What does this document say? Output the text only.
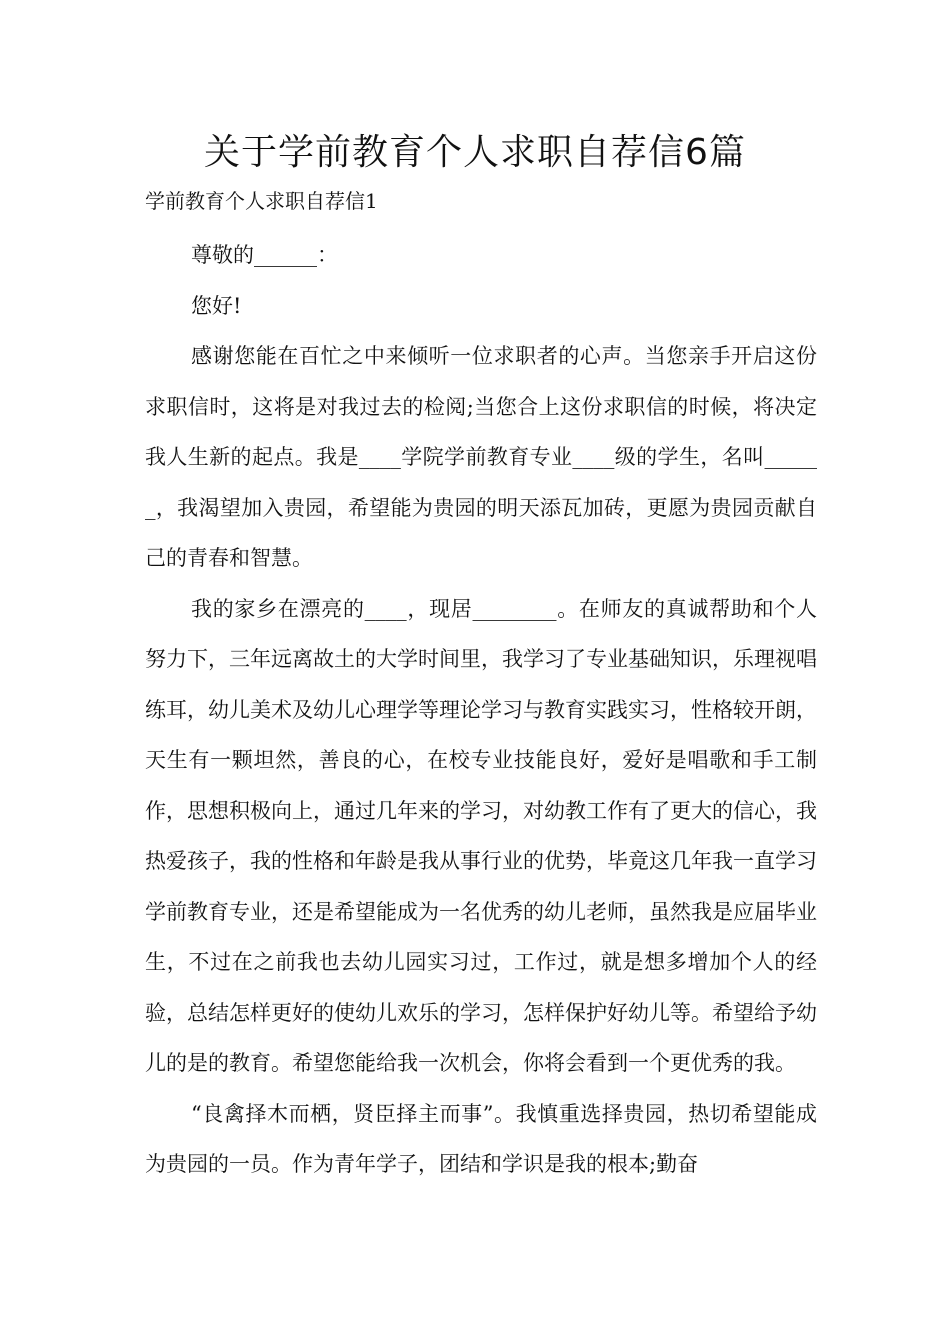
关于学前教育个人求职自荐信6篇

学前教育个人求职自荐信1

尊敬的______：

您好!

感谢您能在百忙之中来倾听一位求职者的心声。当您亲手开启这份求职信时，这将是对我过去的检阅;当您合上这份求职信的时候，将决定我人生新的起点。我是____学院学前教育专业____级的学生，名叫______，我渴望加入贵园，希望能为贵园的明天添瓦加砖，更愿为贵园贡献自己的青春和智慧。

我的家乡在漂亮的____，现居________。在师友的真诚帮助和个人努力下，三年远离故土的大学时间里，我学习了专业基础知识，乐理视唱练耳，幼儿美术及幼儿心理学等理论学习与教育实践实习，性格较开朗，天生有一颗坦然，善良的心，在校专业技能良好，爱好是唱歌和手工制作，思想积极向上，通过几年来的学习，对幼教工作有了更大的信心，我热爱孩子，我的性格和年龄是我从事行业的优势，毕竟这几年我一直学习学前教育专业，还是希望能成为一名优秀的幼儿老师，虽然我是应届毕业生，不过在之前我也去幼儿园实习过，工作过，就是想多增加个人的经验，总结怎样更好的使幼儿欢乐的学习，怎样保护好幼儿等。希望给予幼儿的是的教育。希望您能给我一次机会，你将会看到一个更优秀的我。

“良禽择木而栖，贤臣择主而事”。我慎重选择贵园，热切希望能成为贵园的一员。作为青年学子，团结和学识是我的根本;勤奋
